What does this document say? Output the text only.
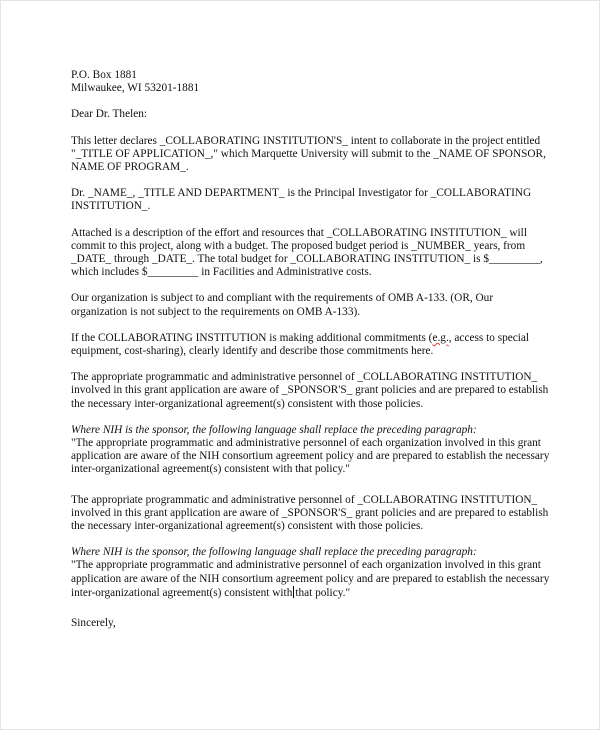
P.O. Box 1881
Milwaukee, WI 53201-1881

Dear Dr. Thelen:

This letter declares _COLLABORATING INSTITUTION'S_ intent to collaborate in the project entitled "_TITLE OF APPLICATION_," which Marquette University will submit to the _NAME OF SPONSOR, NAME OF PROGRAM_.

Dr. _NAME_, _TITLE AND DEPARTMENT_ is the Principal Investigator for _COLLABORATING INSTITUTION_.

Attached is a description of the effort and resources that _COLLABORATING INSTITUTION_ will commit to this project, along with a budget. The proposed budget period is _NUMBER_ years, from _DATE_ through _DATE_. The total budget for _COLLABORATING INSTITUTION_ is $_________, which includes $_________ in Facilities and Administrative costs.

Our organization is subject to and compliant with the requirements of OMB A-133. (OR, Our organization is not subject to the requirements on OMB A-133).

If the COLLABORATING INSTITUTION is making additional commitments (e.g., access to special equipment, cost-sharing), clearly identify and describe those commitments here.

The appropriate programmatic and administrative personnel of _COLLABORATING INSTITUTION_ involved in this grant application are aware of _SPONSOR'S_ grant policies and are prepared to establish the necessary inter-organizational agreement(s) consistent with those policies.

Where NIH is the sponsor, the following language shall replace the preceding paragraph:
"The appropriate programmatic and administrative personnel of each organization involved in this grant application are aware of the NIH consortium agreement policy and are prepared to establish the necessary inter-organizational agreement(s) consistent with that policy."

The appropriate programmatic and administrative personnel of _COLLABORATING INSTITUTION_ involved in this grant application are aware of _SPONSOR'S_ grant policies and are prepared to establish the necessary inter-organizational agreement(s) consistent with those policies.

Where NIH is the sponsor, the following language shall replace the preceding paragraph:
"The appropriate programmatic and administrative personnel of each organization involved in this grant application are aware of the NIH consortium agreement policy and are prepared to establish the necessary inter-organizational agreement(s) consistent with that policy."

Sincerely,
